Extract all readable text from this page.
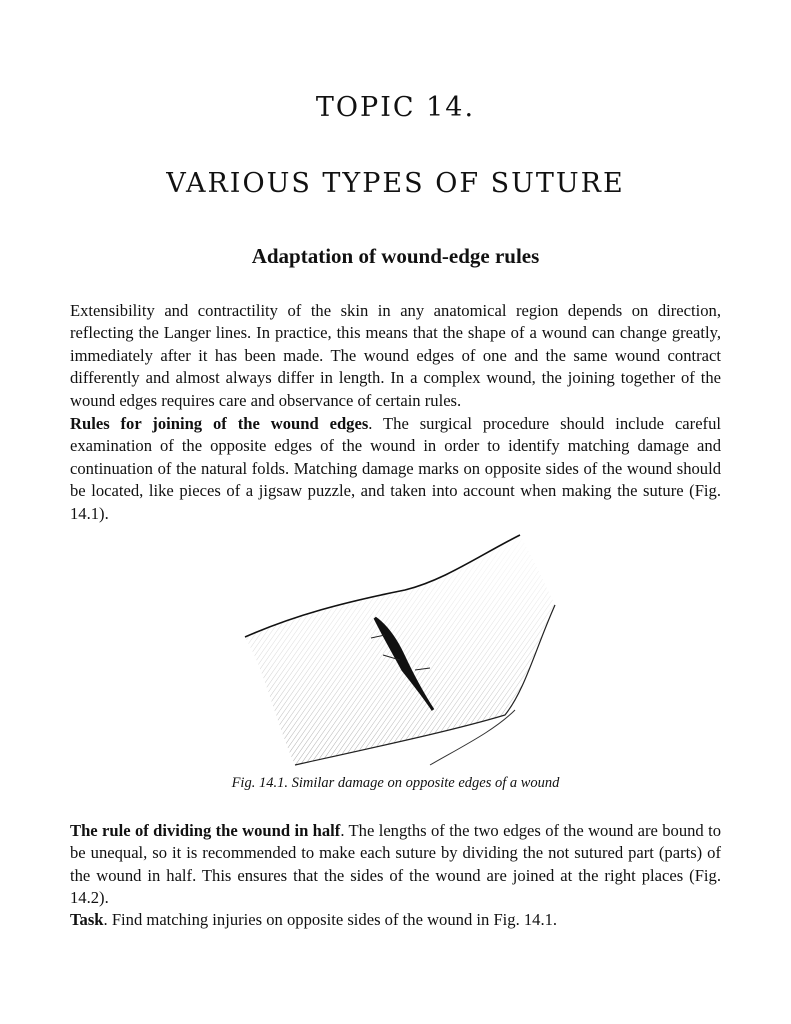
TOPIC 14.
VARIOUS TYPES OF SUTURE
Adaptation of wound-edge rules
Extensibility and contractility of the skin in any anatomical region depends on direction, reflecting the Langer lines. In practice, this means that the shape of a wound can change greatly, immediately after it has been made. The wound edges of one and the same wound contract differently and almost always differ in length. In a complex wound, the joining together of the wound edges requires care and observance of certain rules.
Rules for joining of the wound edges. The surgical procedure should include careful examination of the opposite edges of the wound in order to identify matching damage and continuation of the natural folds. Matching damage marks on opposite sides of the wound should be located, like pieces of a jigsaw puzzle, and taken into account when making the suture (Fig. 14.1).
Fig. 14.1. Similar damage on opposite edges of a wound
The rule of dividing the wound in half. The lengths of the two edges of the wound are bound to be unequal, so it is recommended to make each suture by dividing the not sutured part (parts) of the wound in half. This ensures that the sides of the wound are joined at the right places (Fig. 14.2).
Task. Find matching injuries on opposite sides of the wound in Fig. 14.1.
